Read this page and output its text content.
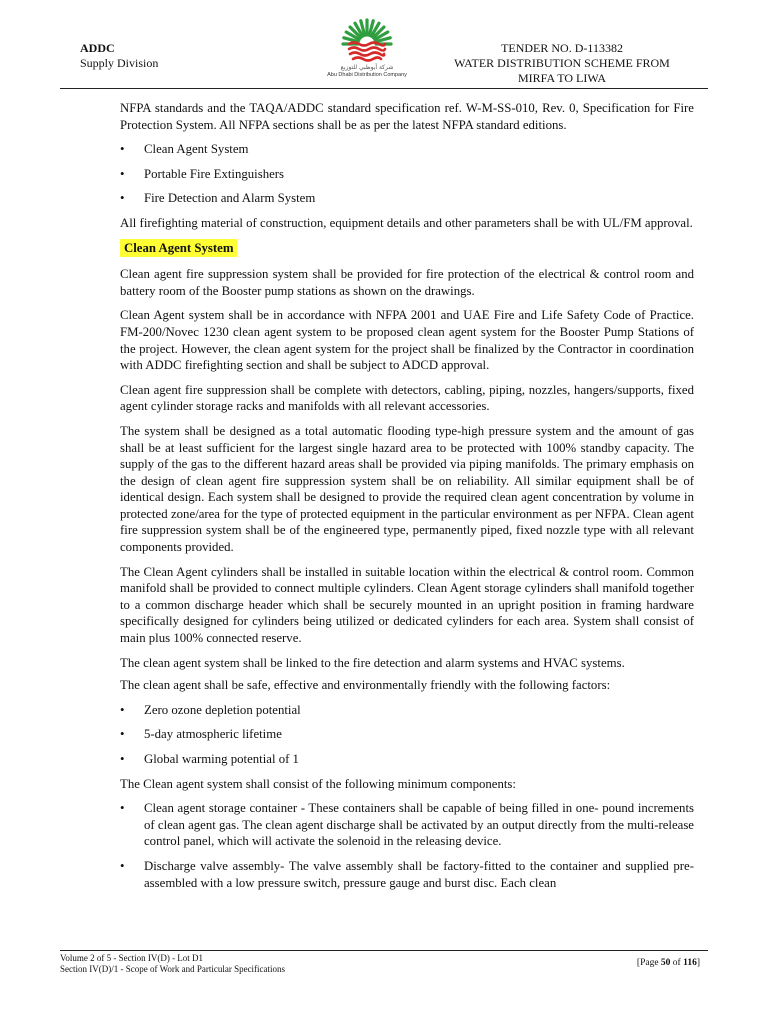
ADDC
Supply Division	شركة أبوظبي للتوزيع
Abu Dhabi Distribution Company
TENDER NO. D-113382
WATER DISTRIBUTION SCHEME FROM
MIRFA TO LIWA

NFPA standards and the TAQA/ADDC standard specification ref. W-M-SS-010, Rev. 0, Specification for Fire Protection System. All NFPA sections shall be as per the latest NFPA standard editions.

• Clean Agent System
• Portable Fire Extinguishers
• Fire Detection and Alarm System

All firefighting material of construction, equipment details and other parameters shall be with UL/FM approval.

Clean Agent System

Clean agent fire suppression system shall be provided for fire protection of the electrical & control room and battery room of the Booster pump stations as shown on the drawings.

Clean Agent system shall be in accordance with NFPA 2001 and UAE Fire and Life Safety Code of Practice. FM-200/Novec 1230 clean agent system to be proposed clean agent system for the Booster Pump Stations of the project. However, the clean agent system for the project shall be finalized by the Contractor in coordination with ADDC firefighting section and shall be subject to ADCD approval.

Clean agent fire suppression shall be complete with detectors, cabling, piping, nozzles, hangers/supports, fixed agent cylinder storage racks and manifolds with all relevant accessories.

The system shall be designed as a total automatic flooding type-high pressure system and the amount of gas shall be at least sufficient for the largest single hazard area to be protected with 100% standby capacity. The supply of the gas to the different hazard areas shall be provided via piping manifolds. The primary emphasis on the design of clean agent fire suppression system shall be on reliability. All similar equipment shall be of identical design. Each system shall be designed to provide the required clean agent concentration by volume in protected zone/area for the type of protected equipment in the particular environment as per NFPA. Clean agent fire suppression system shall be of the engineered type, permanently piped, fixed nozzle type with all relevant components provided.

The Clean Agent cylinders shall be installed in suitable location within the electrical & control room. Common manifold shall be provided to connect multiple cylinders. Clean Agent storage cylinders shall manifold together to a common discharge header which shall be securely mounted in an upright position in framing hardware specifically designed for cylinders being utilized or dedicated cylinders for each area. System shall consist of main plus 100% connected reserve.

The clean agent system shall be linked to the fire detection and alarm systems and HVAC systems.

The clean agent shall be safe, effective and environmentally friendly with the following factors:

• Zero ozone depletion potential
• 5-day atmospheric lifetime
• Global warming potential of 1

The Clean agent system shall consist of the following minimum components:

• Clean agent storage container - These containers shall be capable of being filled in one- pound increments of clean agent gas. The clean agent discharge shall be activated by an output directly from the multi-release control panel, which will activate the solenoid in the releasing device.
• Discharge valve assembly- The valve assembly shall be factory-fitted to the container and supplied pre-assembled with a low pressure switch, pressure gauge and burst disc. Each clean
Volume 2 of 5 - Section IV(D) - Lot D1
Section IV(D)/1 - Scope of Work and Particular Specifications
[Page 50 of 116]
